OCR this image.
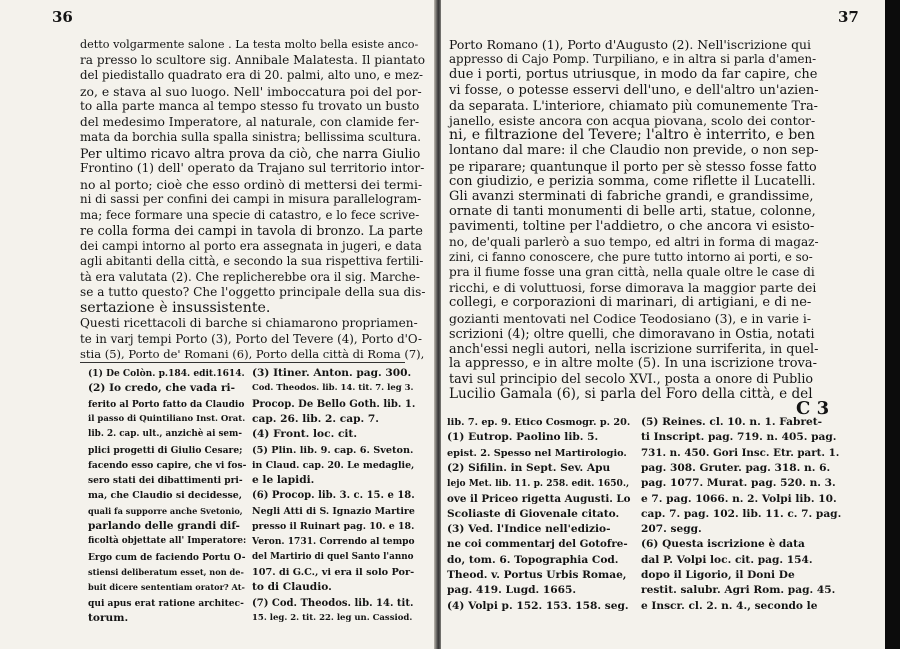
36
detto volgarmente salone . La testa molto bella esiste anco-
ra presso lo scultore sig. Annibale Malatesta. Il piantato
del piedistallo quadrato era di 20. palmi, alto uno, e mez-
zo, e stava al suo luogo. Nell' imboccatura poi del por-
to alla parte manca al tempo stesso fu trovato un busto
del medesimo Imperatore, al naturale, con clamide fer-
mata da borchia sulla spalla sinistra; bellissima scultura.
Per ultimo ricavo altra prova da ciò, che narra Giulio
Frontino (1) dell' operato da Trajano sul territorio intor-
no al porto; cioè che esso ordinò di mettersi dei termi-
ni di sassi per confini dei campi in misura parallelogram-
ma; fece formare una specie di catastro, e lo fece scrive-
re colla forma dei campi in tavola di bronzo. La parte
dei campi intorno al porto era assegnata in jugeri, e data
agli abitanti della città, e secondo la sua rispettiva fertili-
tà era valutata (2). Che replicherebbe ora il sig. Marche-
se a tutto questo? Che l'oggetto principale della sua dis-
sertazione è insussistente.
Questi ricettacoli di barche si chiamarono propriamen-
te in varj tempi Porto (3), Porto del Tevere (4), Porto d'O-
stia (5), Porto de' Romani (6), Porto della città di Roma (7),
(1) De Colòn. p.184. edit.1614.
(2) Io credo, che vada ri-
ferito al Porto fatto da Claudio
il passo di Quintiliano Inst. Orat.
lib. 2. cap. ult., anzichè ai sem-
plici progetti di Giulio Cesare;
facendo esso capire, che vi fos-
sero stati dei dibattimenti pri-
ma, che Claudio si decidesse,
quali fa supporre anche Svetonio,
parlando delle grandi dif-
ficoltà objettate all' Imperatore:
Ergo cum de faciendo Portu O-
stiensi deliberatum esset, non de-
buit dicere sententiam orator? At-
qui apus erat ratione architec-
torum.
(3) Itiner. Anton. pag. 300.
Cod. Theodos. lib. 14. tit. 7. leg 3.
Procop. De Bello Goth. lib. 1.
cap. 26. lib. 2. cap. 7.
(4) Front. loc. cit.
(5) Plin. lib. 9. cap. 6. Sveton.
in Claud. cap. 20. Le medaglie,
e le lapidi.
(6) Procop. lib. 3. c. 15. e 18.
Negli Atti di S. Ignazio Martire
presso il Ruinart pag. 10. e 18.
Veron. 1731. Correndo al tempo
del Martirio di quel Santo l'anno
107. di G.C., vi era il solo Por-
to di Claudio.
(7) Cod. Theodos. lib. 14. tit.
15. leg. 2. tit. 22. leg un. Cassiod.
37
Porto Romano (1), Porto d'Augusto (2). Nell'iscrizione qui
appresso di Cajo Pomp. Turpiliano, e in altra si parla d'amen-
due i porti, portus utriusque, in modo da far capire, che
vi fosse, o potesse esservi dell'uno, e dell'altro un'azien-
da separata. L'interiore, chiamato più comunemente Tra-
janello, esiste ancora con acqua piovana, scolo dei contor-
ni, e filtrazione del Tevere; l'altro è interrito, e ben
lontano dal mare: il che Claudio non previde, o non sep-
pe riparare; quantunque il porto per sè stesso fosse fatto
con giudizio, e perizia somma, come riflette il Lucatelli.
Gli avanzi sterminati di fabriche grandi, e grandissime,
ornate di tanti monumenti di belle arti, statue, colonne,
pavimenti, toltine per l'addietro, o che ancora vi esisto-
no, de'quali parlerò a suo tempo, ed altri in forma di magaz-
zini, ci fanno conoscere, che pure tutto intorno ai porti, e so-
pra il fiume fosse una gran città, nella quale oltre le case di
ricchi, e di voluttuosi, forse dimorava la maggior parte dei
collegi, e corporazioni di marinari, di artigiani, e di ne-
gozianti mentovati nel Codice Teodosiano (3), e in varie i-
scrizioni (4); oltre quelli, che dimoravano in Ostia, notati
anch'essi negli autori, nella iscrizione surriferita, in quel-
la appresso, e in altre molte (5). In una iscrizione trova-
tavi sul principio del secolo XVI., posta a onore di Publio
Lucilio Gamala (6), si parla del Foro della città, e del
C 3
lib. 7. ep. 9. Etico Cosmogr. p. 20.
(1) Eutrop. Paolino lib. 5.
epist. 2. Spesso nel Martirologio.
(2) Sifilin. in Sept. Sev. Apu
lejo Met. lib. 11. p. 258. edit. 1650.,
ove il Priceo rigetta Augusti. Lo
Scoliaste di Giovenale citato.
(3) Ved. l'Indice nell'edizio-
ne coi commentarj del Gotofre-
do, tom. 6. Topographia Cod.
Theod. v. Portus Urbis Romae,
pag. 419. Lugd. 1665.
(4) Volpi p. 152. 153. 158. seg.
(5) Reines. cl. 10. n. 1. Fabret-
ti Inscript. pag. 719. n. 405. pag.
731. n. 450. Gori Insc. Etr. part. 1.
pag. 308. Gruter. pag. 318. n. 6.
pag. 1077. Murat. pag. 520. n. 3.
e 7. pag. 1066. n. 2. Volpi lib. 10.
cap. 7. pag. 102. lib. 11. c. 7. pag.
207. segg.
(6) Questa iscrizione è data
dal P. Volpi loc. cit. pag. 154.
dopo il Ligorio, il Doni De
restit. salubr. Agri Rom. pag. 45.
e Inscr. cl. 2. n. 4., secondo le
